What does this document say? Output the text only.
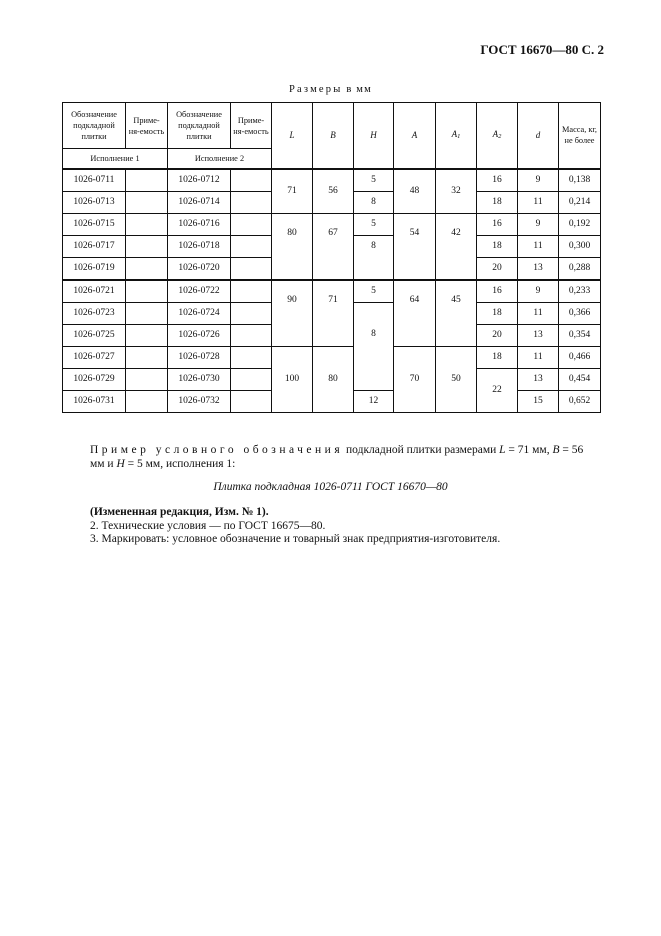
ГОСТ 16670—80 С. 2
Размеры в мм
Обозначение подкладной плитки	Приме-ня-емость	Обозначение подкладной плитки	Приме-ня-емость	L	B	H	A	A1	A2	d	Масса, кг, не более
Исполнение 1		Исполнение 2									
1026-0711		1026-0712		71	56	5	48	32	16	9	0,138
1026-0713		1026-0714				8			18	11	0,214
1026-0715		1026-0716		80	67	5	54	42	16	9	0,192
1026-0717		1026-0718				8			18	11	0,300
1026-0719		1026-0720							20	13	0,288
1026-0721		1026-0722		90	71	5	64	45	16	9	0,233
1026-0723		1026-0724				8			18	11	0,366
1026-0725		1026-0726							20	13	0,354
1026-0727		1026-0728		100	80		70	50	18	11	0,466
1026-0729		1026-0730							22	13	0,454
1026-0731		1026-0732				12				15	0,652
Пример условного обозначения подкладной плитки размерами L = 71 мм, B = 56 мм и H = 5 мм, исполнения 1:
Плитка подкладная 1026-0711 ГОСТ 16670—80
(Измененная редакция, Изм. № 1).
2. Технические условия — по ГОСТ 16675—80.
3. Маркировать: условное обозначение и товарный знак предприятия-изготовителя.
